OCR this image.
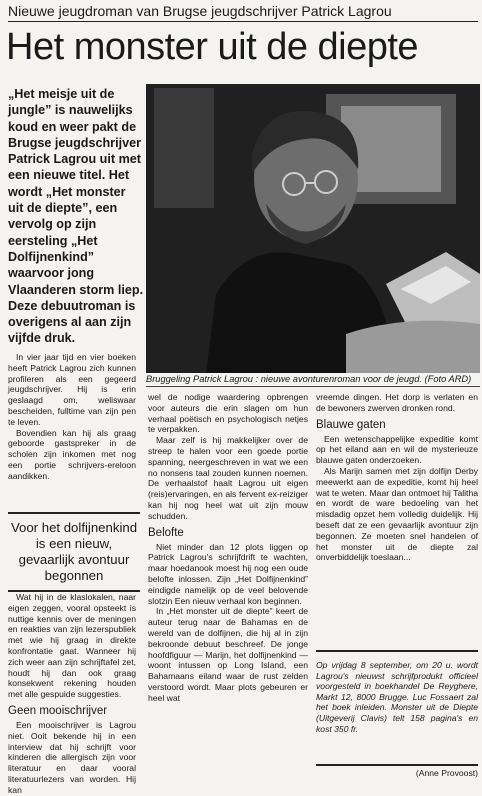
Nieuwe jeugdroman van Brugse jeugdschrijver Patrick Lagrou
Het monster uit de diepte

„Het meisje uit de jungle” is nauwelijks koud en weer pakt de Brugse jeugdschrijver Patrick Lagrou uit met een nieuwe titel. Het wordt „Het monster uit de diepte”, een vervolg op zijn eersteling „Het Dolfijnenkind” waarvoor jong Vlaanderen storm liep. Deze debuutroman is overigens al aan zijn vijfde druk.

Bruggeling Patrick Lagrou : nieuwe avonturenroman voor de jeugd. (Foto ARD)

In vier jaar tijd en vier boeken heeft Patrick Lagrou zich kunnen profileren als een gegeerd jeugdschrijver. Hij is erin geslaagd om, weliswaar bescheiden, fulltime van zijn pen te leven.

Bovendien kan hij als graag geboorde gastspreker in de scholen zijn inkomen met nog een portie schrijvers-ereloon aandikken.

Voor het dolfijnenkind is een nieuw, gevaarlijk avontuur begonnen

Wat hij in de klaslokalen, naar eigen zeggen, vooral opsteekt is nuttige kennis over de meningen en reakties van zijn lezerspubliek met wie hij graag in direkte konfrontatie gaat. Wanneer hij zich weer aan zijn schrijftafel zet, houdt hij dan ook graag konsekwent rekening houden met alle gespuide suggesties.

Geen mooischrijver

Een mooischrijver is Lagrou niet. Ooit bekende hij in een interview dat hij schrijft voor kinderen die allergisch zijn voor literatuur en daar vooral literatuurlezers van worden. Hij kan

wel de nodige waardering opbrengen voor auteurs die erin slagen om hun verhaal poëtisch en psychologisch netjes te verpakken.

Maar zelf is hij makkelijker over de streep te halen voor een goede portie spanning, neergeschreven in wat we een no nonsens taal zouden kunnen noemen. De verhaalstof haalt Lagrou uit eigen (reis)ervaringen, en als fervent ex-reiziger kan hij nog heel wat uit zijn mouw schudden.

Belofte

Niet minder dan 12 plots liggen op Patrick Lagrou's schrijfdrift te wachten, maar hoedanook moest hij nog een oude belofte inlossen. Zijn „Het Dolfijnenkind” eindigde namelijk op de veel belovende slotzin Een nieuw verhaal kon beginnen.

In „Het monster uit de diepte” keert de auteur terug naar de Bahamas en de wereld van de dolfijnen, die hij al in zijn bekroonde debuut beschreef. De jonge hoofdfiguur — Marijn, het dolfijnenkind — woont intussen op Long Island, een Bahamaans eiland waar de rust zelden verstoord wordt. Maar plots gebeuren er heel wat

vreemde dingen. Het dorp is verlaten en de bewoners zwerven dronken rond.

Blauwe gaten

Een wetenschappelijke expeditie komt op het eiland aan en wil de mysterieuze blauwe gaten onderzoeken.

Als Marijn samen met zijn dolfijn Derby meewerkt aan de expeditie, komt hij heel wat te weten. Maar dan ontmoet hij Talitha en wordt de ware bedoeling van het misdadig opzet hem volledig duidelijk. Hij beseft dat ze een gevaarlijk avontuur zijn begonnen. Ze moeten snel handelen of het monster uit de diepte zal onverbiddelijk toeslaan...

Op vrijdag 8 september, om 20 u. wordt Lagrou's nieuwst schrijfprodukt officieel voorgesteld in boekhandel De Reyghere, Markt 12, 8000 Brugge. Luc Fossaert zal het boek inleiden. Monster uit de Diepte (Uitgeverij Clavis) telt 158 pagina's en kost 350 fr.
(Anne Provoost)
